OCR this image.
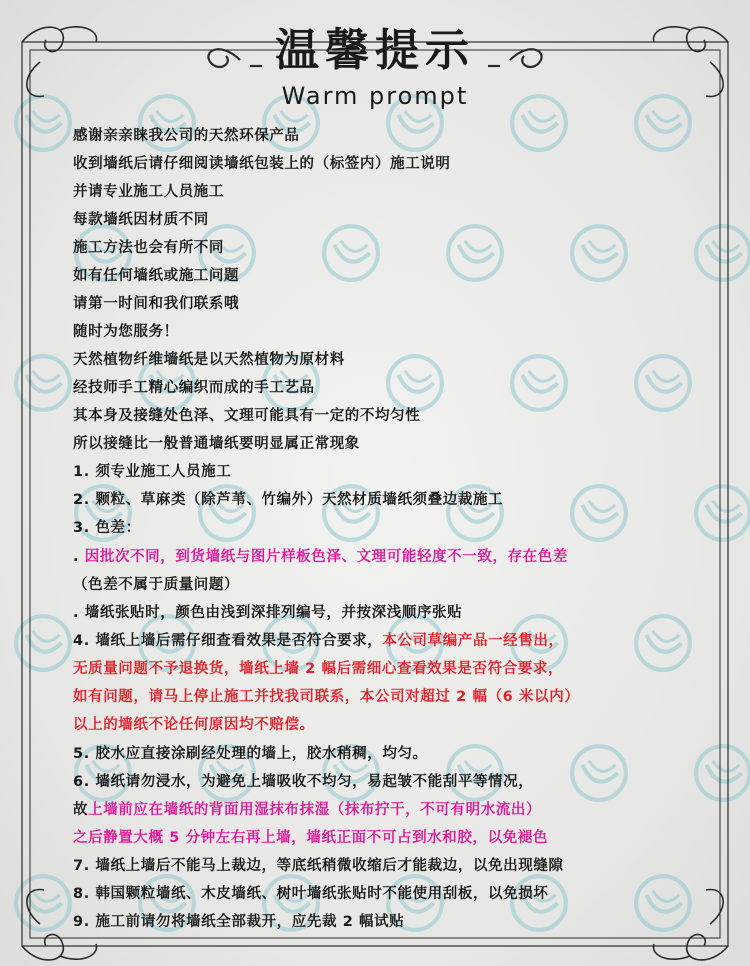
温馨提示
Warm prompt
感谢亲亲睐我公司的天然环保产品
收到墙纸后请仔细阅读墙纸包装上的（标签内）施工说明
并请专业施工人员施工
每款墙纸因材质不同
施工方法也会有所不同
如有任何墙纸或施工问题
请第一时间和我们联系哦
随时为您服务！
天然植物纤维墙纸是以天然植物为原材料
经技师手工精心编织而成的手工艺品
其本身及接缝处色泽、文理可能具有一定的不均匀性
所以接缝比一般普通墙纸要明显属正常现象
1. 须专业施工人员施工
2. 颗粒、草麻类（除芦苇、竹编外）天然材质墙纸须叠边裁施工
3. 色差：
. 因批次不同，到货墙纸与图片样板色泽、文理可能轻度不一致，存在色差
（色差不属于质量问题）
. 墙纸张贴时，颜色由浅到深排列编号，并按深浅顺序张贴
4. 墙纸上墙后需仔细查看效果是否符合要求，本公司草编产品一经售出，
无质量问题不予退换货，墙纸上墙 2 幅后需细心查看效果是否符合要求，
如有问题，请马上停止施工并找我司联系，本公司对超过 2 幅（6 米以内）
以上的墙纸不论任何原因均不赔偿。
5. 胶水应直接涂刷经处理的墙上，胶水稍稠，均匀。
6. 墙纸请勿浸水，为避免上墙吸收不均匀，易起皱不能刮平等情况，
故上墙前应在墙纸的背面用湿抹布抹湿（抹布拧干，不可有明水流出）
之后静置大概 5 分钟左右再上墙，墙纸正面不可占到水和胶，以免褪色
7. 墙纸上墙后不能马上裁边，等底纸稍微收缩后才能裁边，以免出现缝隙
8. 韩国颗粒墙纸、木皮墙纸、树叶墙纸张贴时不能使用刮板，以免损坏
9. 施工前请勿将墙纸全部裁开，应先裁 2 幅试贴
